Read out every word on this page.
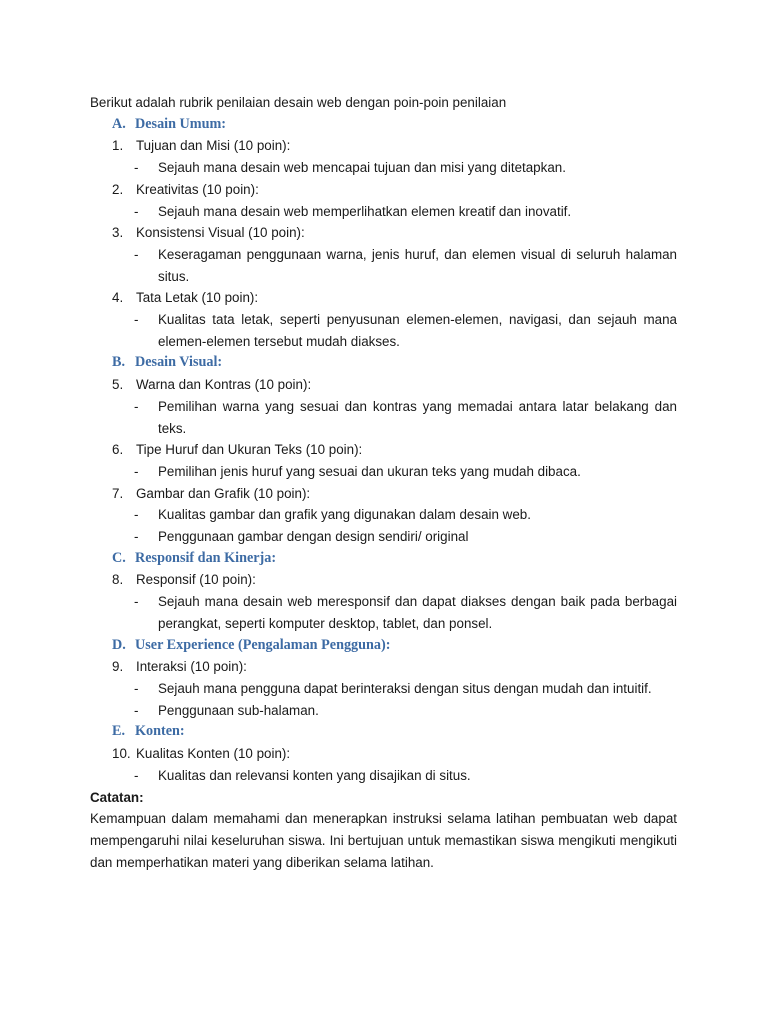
Berikut adalah rubrik penilaian desain web dengan poin-poin penilaian

A. Desain Umum:
1. Tujuan dan Misi (10 poin):
-	Sejauh mana desain web mencapai tujuan dan misi yang ditetapkan.
2. Kreativitas (10 poin):
-	Sejauh mana desain web memperlihatkan elemen kreatif dan inovatif.
3. Konsistensi Visual (10 poin):
-	Keseragaman penggunaan warna, jenis huruf, dan elemen visual di seluruh halaman situs.
4. Tata Letak (10 poin):
-	Kualitas tata letak, seperti penyusunan elemen-elemen, navigasi, dan sejauh mana elemen-elemen tersebut mudah diakses.
B. Desain Visual:
5. Warna dan Kontras (10 poin):
-	Pemilihan warna yang sesuai dan kontras yang memadai antara latar belakang dan teks.
6. Tipe Huruf dan Ukuran Teks (10 poin):
-	Pemilihan jenis huruf yang sesuai dan ukuran teks yang mudah dibaca.
7. Gambar dan Grafik (10 poin):
-	Kualitas gambar dan grafik yang digunakan dalam desain web.
-	Penggunaan gambar dengan design sendiri/ original
C. Responsif dan Kinerja:
8. Responsif (10 poin):
-	Sejauh mana desain web meresponsif dan dapat diakses dengan baik pada berbagai perangkat, seperti komputer desktop, tablet, dan ponsel.
D. User Experience (Pengalaman Pengguna):
9. Interaksi (10 poin):
-	Sejauh mana pengguna dapat berinteraksi dengan situs dengan mudah dan intuitif.
-	Penggunaan sub-halaman.
E. Konten:
10. Kualitas Konten (10 poin):
-	Kualitas dan relevansi konten yang disajikan di situs.

Catatan:

Kemampuan dalam memahami dan menerapkan instruksi selama latihan pembuatan web dapat mempengaruhi nilai keseluruhan siswa. Ini bertujuan untuk memastikan siswa mengikuti mengikuti dan memperhatikan materi yang diberikan selama latihan.
